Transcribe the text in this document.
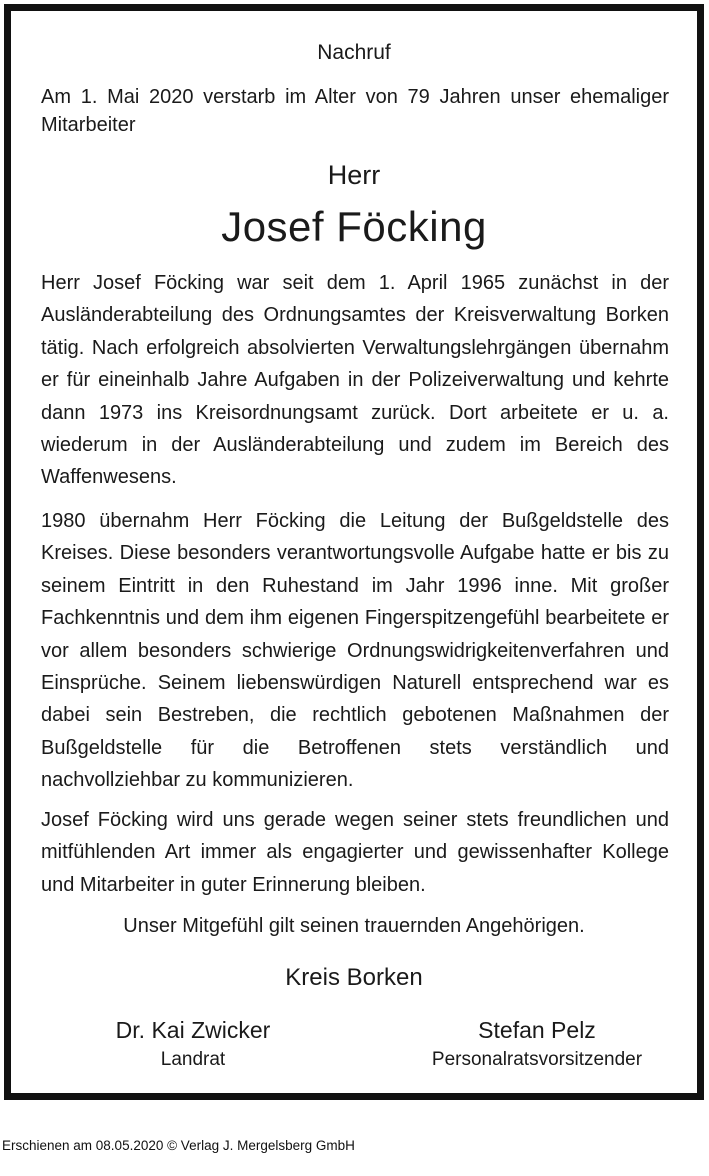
Nachruf
Am 1. Mai 2020 verstarb im Alter von 79 Jahren unser ehemaliger Mitarbeiter
Herr
Josef Föcking
Herr Josef Föcking war seit dem 1. April 1965 zunächst in der Ausländerabteilung des Ordnungsamtes der Kreisverwaltung Borken tätig. Nach erfolgreich absolvierten Verwaltungslehrgängen übernahm er für eineinhalb Jahre Aufgaben in der Polizeiverwaltung und kehrte dann 1973 ins Kreisordnungsamt zurück. Dort arbeitete er u. a. wiederum in der Ausländerabteilung und zudem im Bereich des Waffenwesens.
1980 übernahm Herr Föcking die Leitung der Bußgeldstelle des Kreises. Diese besonders verantwortungsvolle Aufgabe hatte er bis zu seinem Eintritt in den Ruhestand im Jahr 1996 inne. Mit großer Fachkenntnis und dem ihm eigenen Fingerspitzengefühl bearbeitete er vor allem besonders schwierige Ordnungswidrigkeitenverfahren und Einsprüche. Seinem liebenswürdigen Naturell entsprechend war es dabei sein Bestreben, die rechtlich gebotenen Maßnahmen der Bußgeldstelle für die Betroffenen stets verständlich und nachvollziehbar zu kommunizieren.
Josef Föcking wird uns gerade wegen seiner stets freundlichen und mitfühlenden Art immer als engagierter und gewissenhafter Kollege und Mitarbeiter in guter Erinnerung bleiben.
Unser Mitgefühl gilt seinen trauernden Angehörigen.
Kreis Borken
Dr. Kai Zwicker
Landrat
Stefan Pelz
Personalratsvorsitzender
Erschienen am 08.05.2020 © Verlag J. Mergelsberg GmbH
